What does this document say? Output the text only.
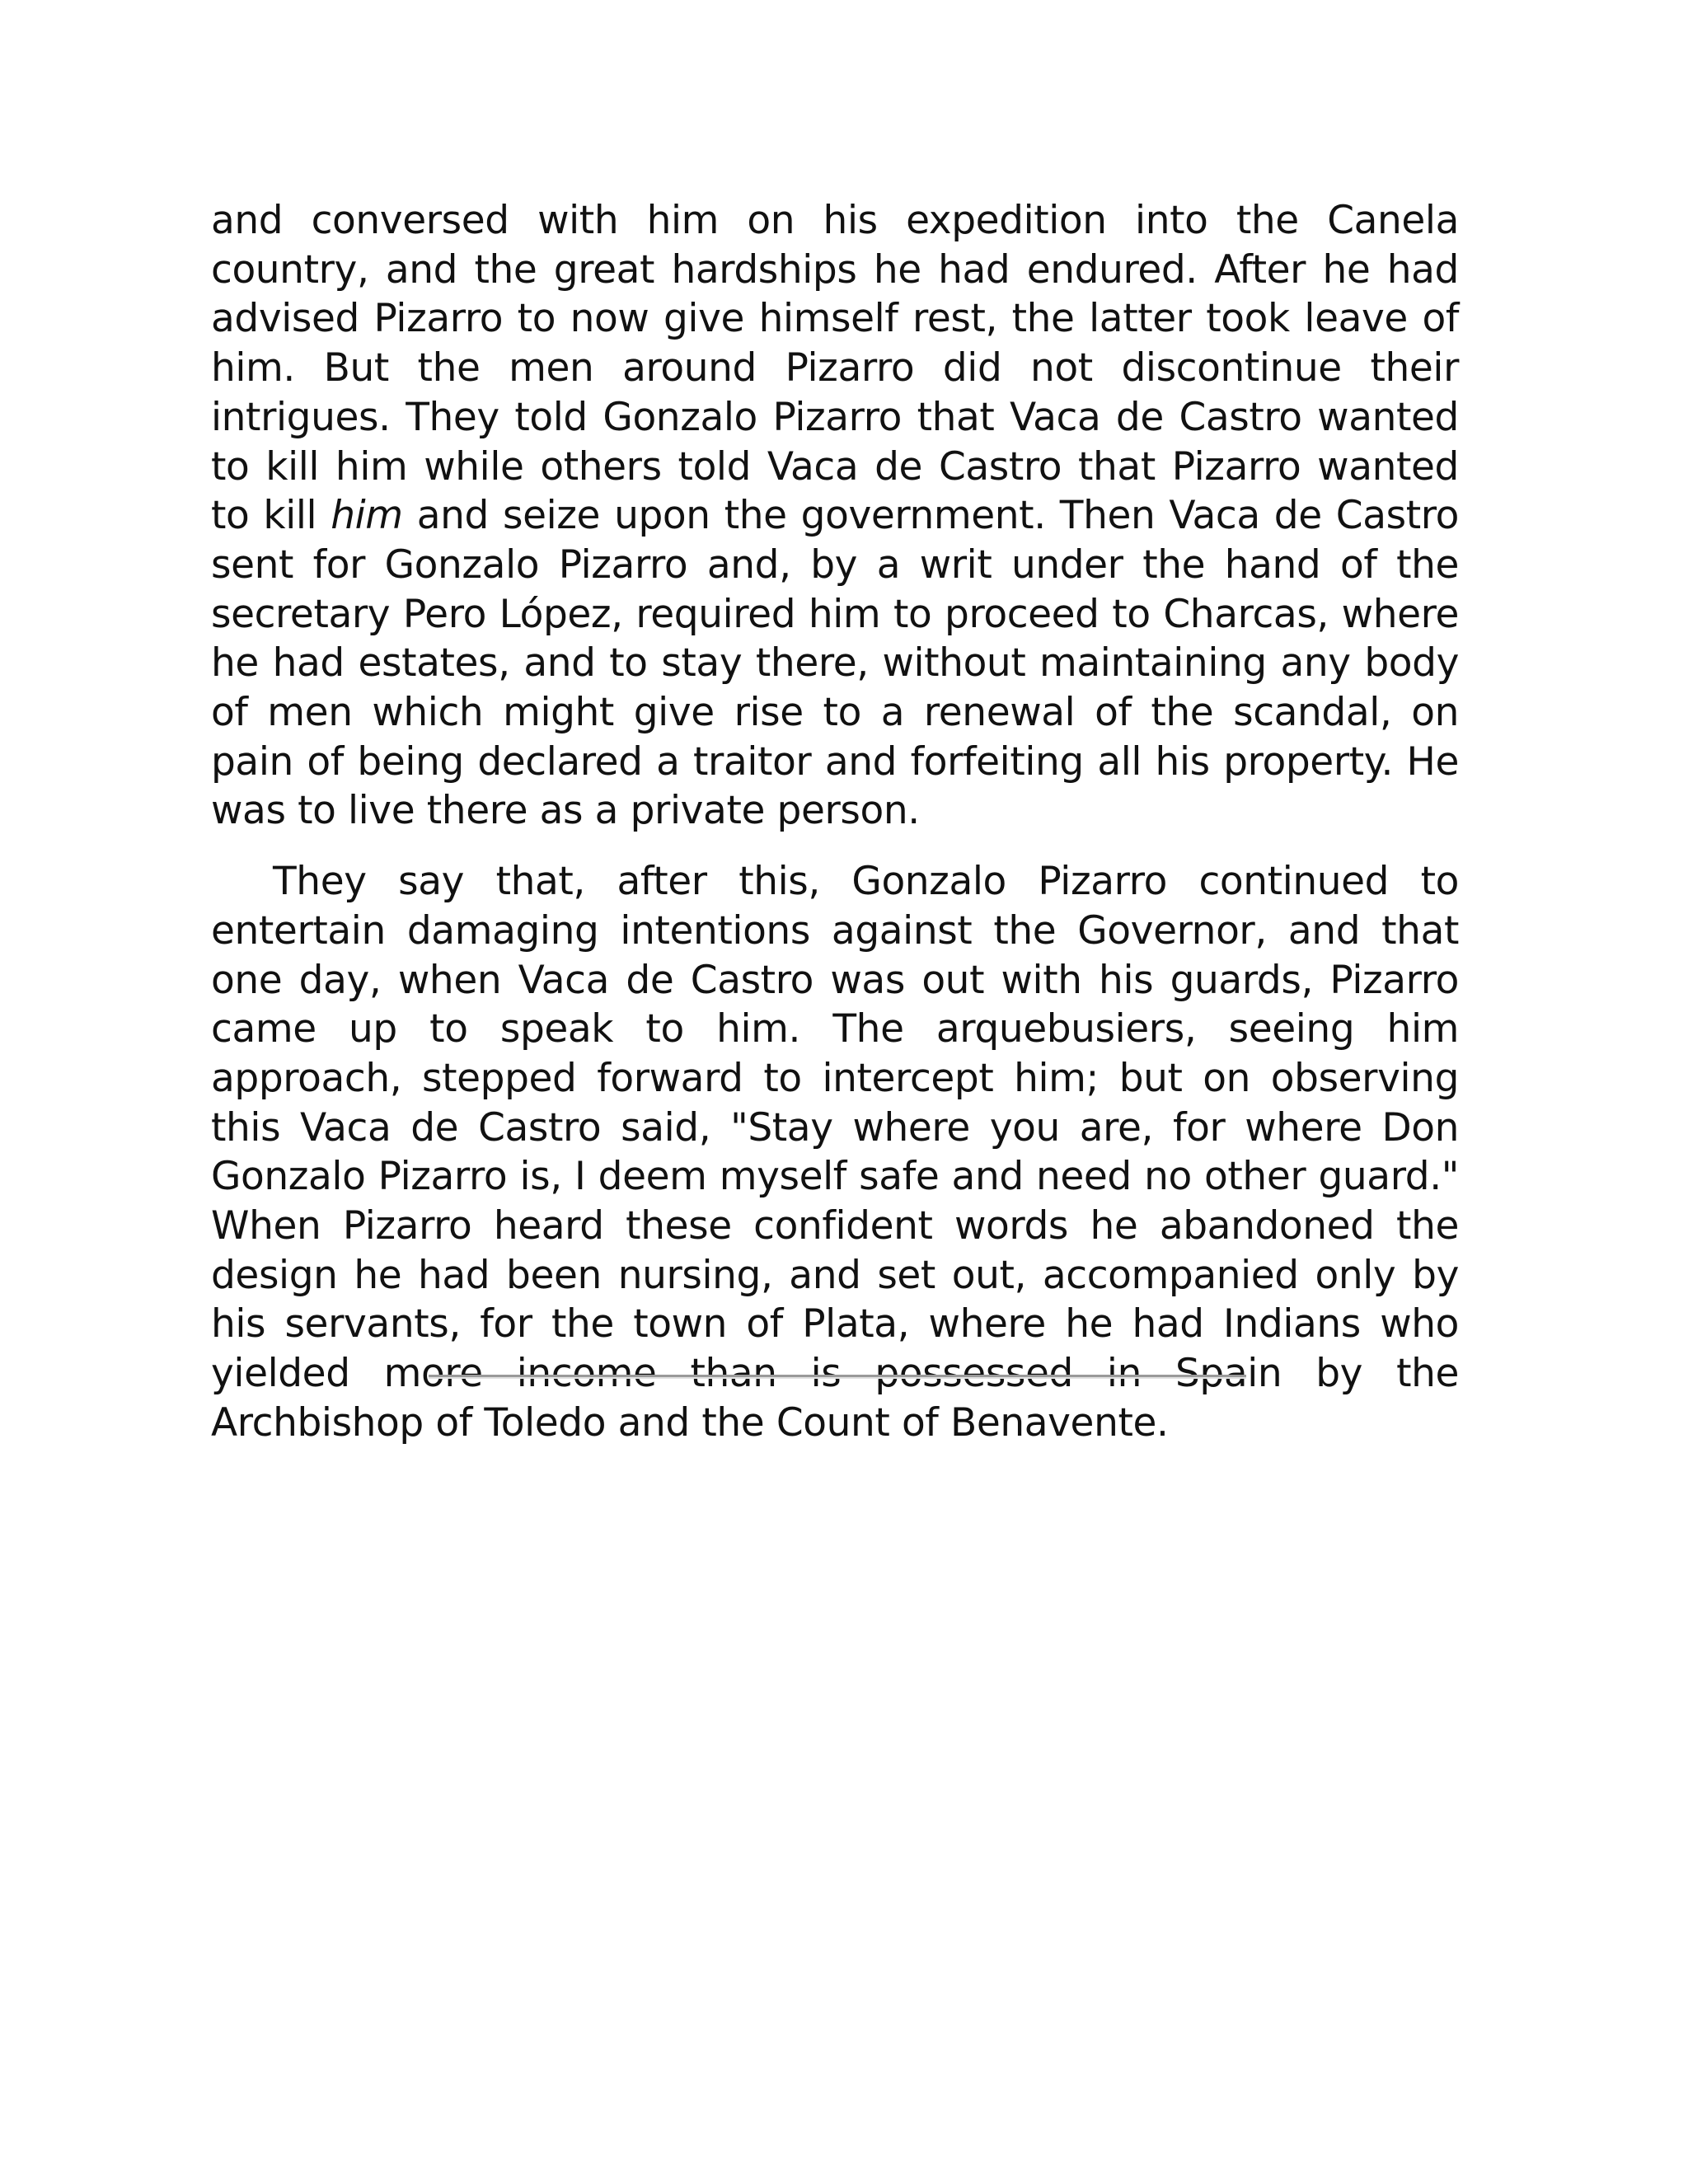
and conversed with him on his expedition into the Canela country, and the great hardships he had endured. After he had advised Pizarro to now give himself rest, the latter took leave of him. But the men around Pizarro did not discontinue their intrigues. They told Gonzalo Pizarro that Vaca de Castro wanted to kill him while others told Vaca de Castro that Pizarro wanted to kill him and seize upon the government. Then Vaca de Castro sent for Gonzalo Pizarro and, by a writ under the hand of the secretary Pero López, required him to proceed to Charcas, where he had estates, and to stay there, without maintaining any body of men which might give rise to a renewal of the scandal, on pain of being declared a traitor and forfeiting all his property. He was to live there as a private person.

They say that, after this, Gonzalo Pizarro continued to entertain damaging intentions against the Governor, and that one day, when Vaca de Castro was out with his guards, Pizarro came up to speak to him. The arquebusiers, seeing him approach, stepped forward to intercept him; but on observing this Vaca de Castro said, "Stay where you are, for where Don Gonzalo Pizarro is, I deem myself safe and need no other guard." When Pizarro heard these confident words he abandoned the design he had been nursing, and set out, accompanied only by his servants, for the town of Plata, where he had Indians who yielded more income than is possessed in Spain by the Archbishop of Toledo and the Count of Benavente.
